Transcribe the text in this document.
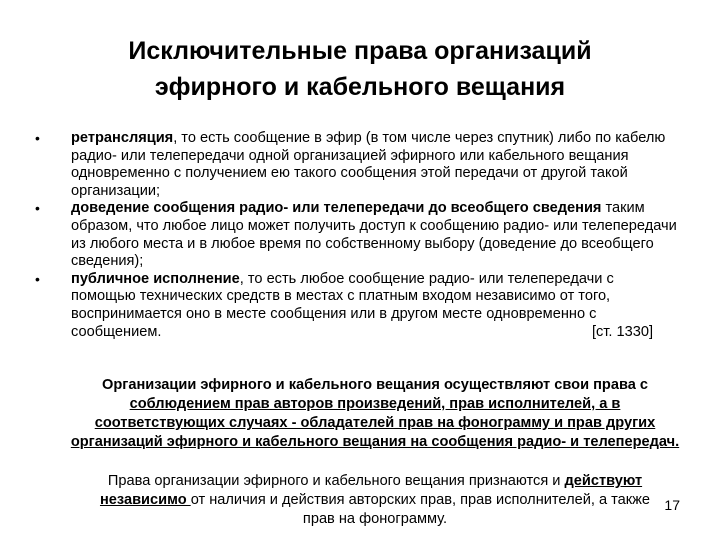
Исключительные права организаций
эфирного и кабельного вещания
• ретрансляция, то есть сообщение в эфир (в том числе через спутник) либо по кабелю радио- или телепередачи одной организацией эфирного или кабельного вещания одновременно с получением ею такого сообщения этой передачи от другой такой организации;
• доведение сообщения радио- или телепередачи до всеобщего сведения таким образом, что любое лицо может получить доступ к сообщению радио- или телепередачи из любого места и в любое время по собственному выбору (доведение до всеобщего сведения);
• публичное исполнение, то есть любое сообщение радио- или телепередачи с помощью технических средств в местах с платным входом независимо от того, воспринимается оно в месте сообщения или в другом месте одновременно с сообщением.	[ст. 1330]
Организации эфирного и кабельного вещания осуществляют свои права с соблюдением прав авторов произведений, прав исполнителей, а в соответствующих случаях - обладателей прав на фонограмму и прав других организаций эфирного и кабельного вещания на сообщения радио- и телепередач.
Права организации эфирного и кабельного вещания признаются и действуют независимо от наличия и действия авторских прав, прав исполнителей, а также прав на фонограмму.
17
